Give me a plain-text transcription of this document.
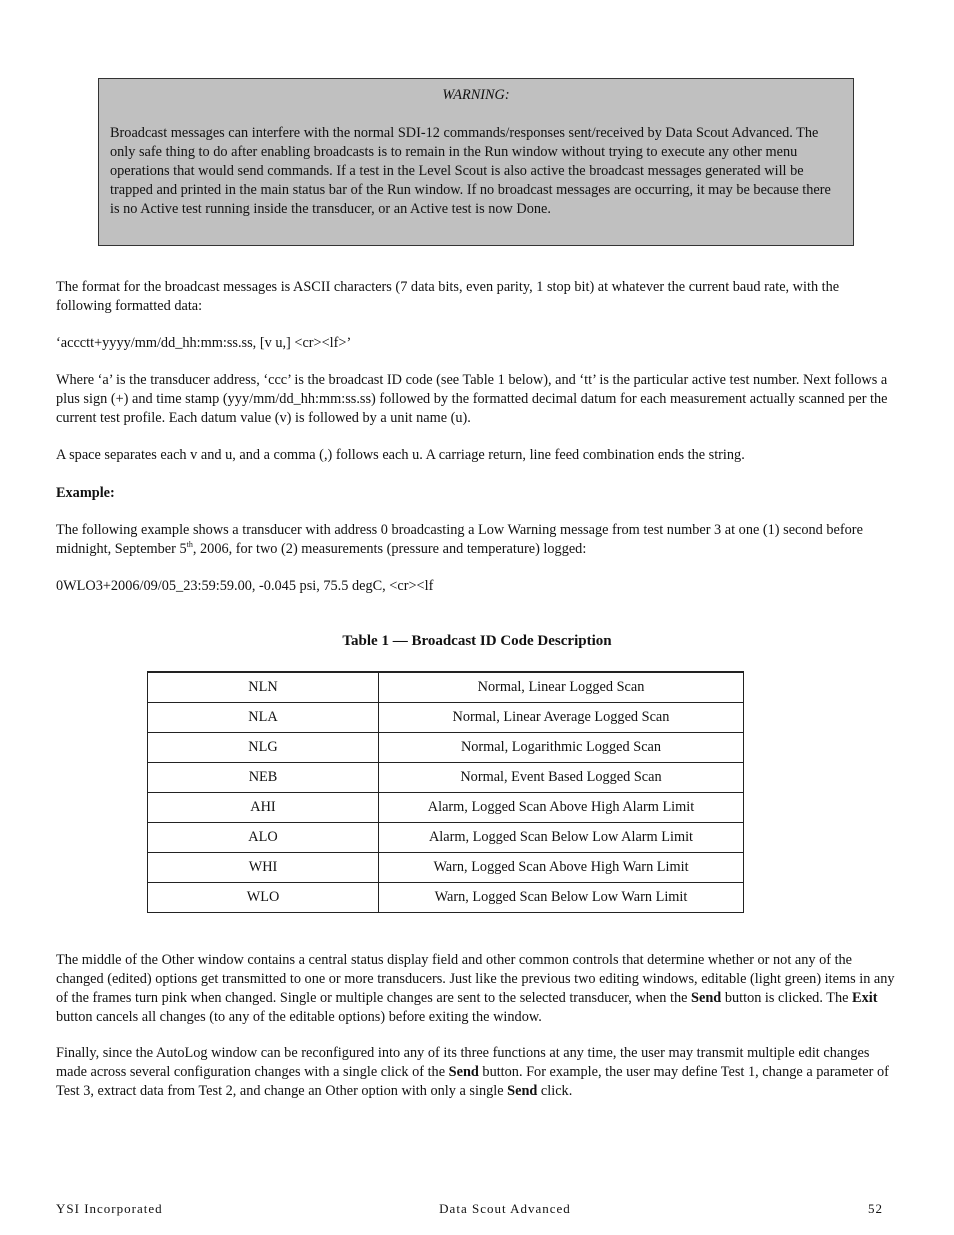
WARNING:
Broadcast messages can interfere with the normal SDI-12 commands/responses sent/received by Data Scout Advanced. The only safe thing to do after enabling broadcasts is to remain in the Run window without trying to execute any other menu operations that would send commands. If a test in the Level Scout is also active the broadcast messages generated will be trapped and printed in the main status bar of the Run window. If no broadcast messages are occurring, it may be because there is no Active test running inside the transducer, or an Active test is now Done.
The format for the broadcast messages is ASCII characters (7 data bits, even parity, 1 stop bit) at whatever the current baud rate, with the following formatted data:
‘accctt+yyyy/mm/dd_hh:mm:ss.ss, [v u,] <cr><lf>’
Where ‘a’ is the transducer address, ‘ccc’ is the broadcast ID code (see Table 1 below), and ‘tt’ is the particular active test number. Next follows a plus sign (+) and time stamp (yyy/mm/dd_hh:mm:ss.ss) followed by the formatted decimal datum for each measurement actually scanned per the current test profile. Each datum value (v) is followed by a unit name (u).
A space separates each v and u, and a comma (,) follows each u. A carriage return, line feed combination ends the string.
Example:
The following example shows a transducer with address 0 broadcasting a Low Warning message from test number 3 at one (1) second before midnight, September 5th, 2006, for two (2) measurements (pressure and temperature) logged:
0WLO3+2006/09/05_23:59:59.00, -0.045 psi, 75.5 degC, <cr><lf
Table 1 — Broadcast ID Code Description
NLN	Normal, Linear Logged Scan
NLA	Normal, Linear Average Logged Scan
NLG	Normal, Logarithmic Logged Scan
NEB	Normal, Event Based Logged Scan
AHI	Alarm, Logged Scan Above High Alarm Limit
ALO	Alarm, Logged Scan Below Low Alarm Limit
WHI	Warn, Logged Scan Above High Warn Limit
WLO	Warn, Logged Scan Below Low Warn Limit
The middle of the Other window contains a central status display field and other common controls that determine whether or not any of the changed (edited) options get transmitted to one or more transducers. Just like the previous two editing windows, editable (light green) items in any of the frames turn pink when changed. Single or multiple changes are sent to the selected transducer, when the Send button is clicked. The Exit button cancels all changes (to any of the editable options) before exiting the window.
Finally, since the AutoLog window can be reconfigured into any of its three functions at any time, the user may transmit multiple edit changes made across several configuration changes with a single click of the Send button. For example, the user may define Test 1, change a parameter of Test 3, extract data from Test 2, and change an Other option with only a single Send click.
YSI Incorporated	Data Scout Advanced	52
